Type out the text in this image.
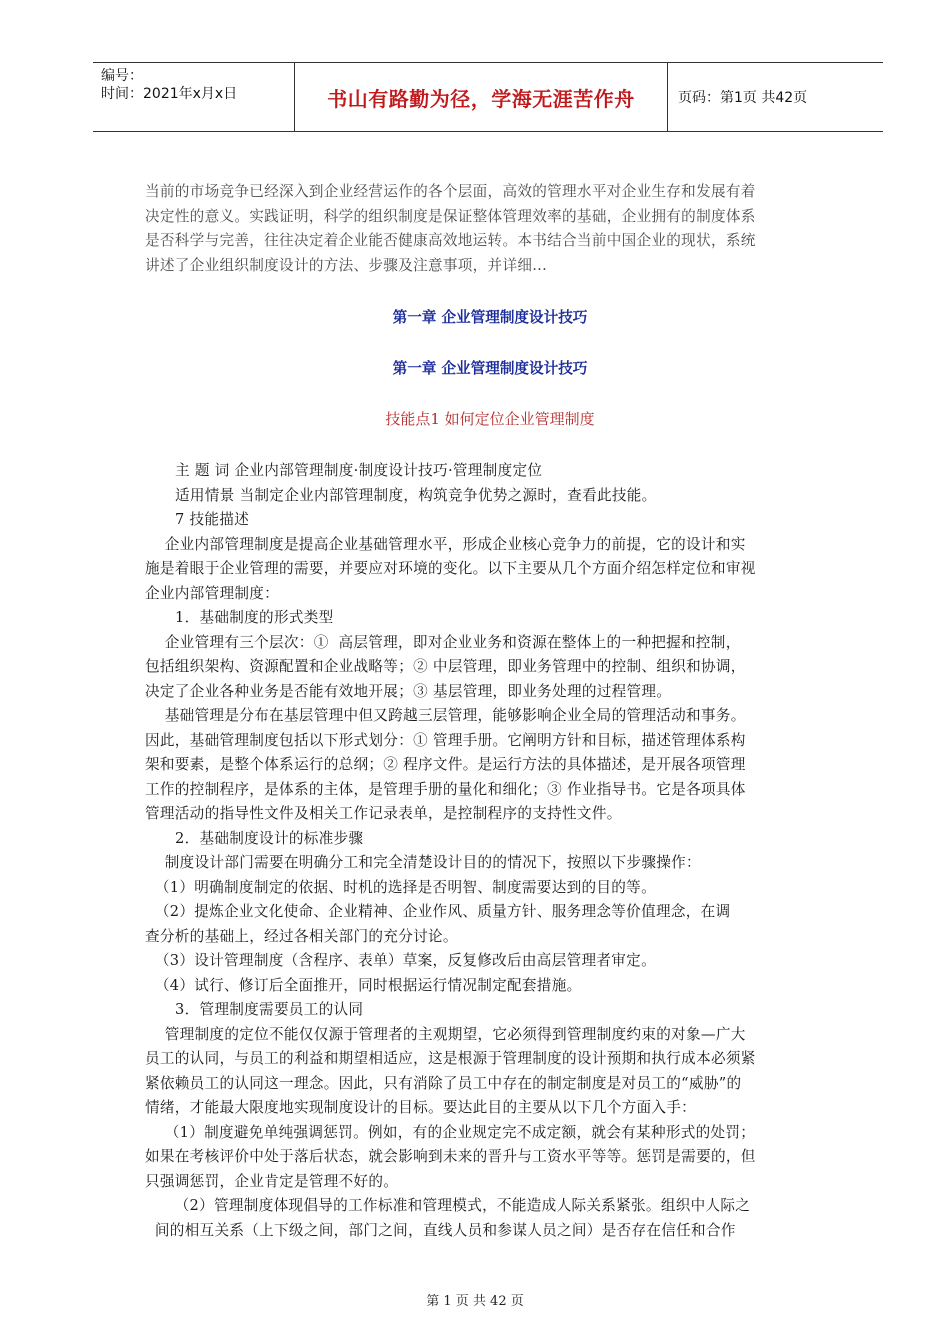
编号：
时间：2021年x月x日	书山有路勤为径，学海无涯苦作舟	页码：第1页 共42页

当前的市场竞争已经深入到企业经营运作的各个层面，高效的管理水平对企业生存和发展有着

决定性的意义。实践证明，科学的组织制度是保证整体管理效率的基础，企业拥有的制度体系

是否科学与完善，往往决定着企业能否健康高效地运转。本书结合当前中国企业的现状，系统

讲述了企业组织制度设计的方法、步骤及注意事项，并详细...

第一章 企业管理制度设计技巧

第一章 企业管理制度设计技巧

技能点1 如何定位企业管理制度

主 题 词 企业内部管理制度·制度设计技巧·管理制度定位

适用情景 当制定企业内部管理制度，构筑竞争优势之源时，查看此技能。

7 技能描述

企业内部管理制度是提高企业基础管理水平，形成企业核心竞争力的前提，它的设计和实

施是着眼于企业管理的需要，并要应对环境的变化。以下主要从几个方面介绍怎样定位和审视

企业内部管理制度：

1．基础制度的形式类型

企业管理有三个层次：①  高层管理，即对企业业务和资源在整体上的一种把握和控制，

包括组织架构、资源配置和企业战略等；② 中层管理，即业务管理中的控制、组织和协调，

决定了企业各种业务是否能有效地开展；③ 基层管理，即业务处理的过程管理。

基础管理是分布在基层管理中但又跨越三层管理，能够影响企业全局的管理活动和事务。

因此，基础管理制度包括以下形式划分：① 管理手册。它阐明方针和目标，描述管理体系构

架和要素，是整个体系运行的总纲；② 程序文件。是运行方法的具体描述，是开展各项管理

工作的控制程序，是体系的主体，是管理手册的量化和细化；③ 作业指导书。它是各项具体

管理活动的指导性文件及相关工作记录表单，是控制程序的支持性文件。

2．基础制度设计的标准步骤

制度设计部门需要在明确分工和完全清楚设计目的的情况下，按照以下步骤操作：

（1）明确制度制定的依据、时机的选择是否明智、制度需要达到的目的等。

（2）提炼企业文化使命、企业精神、企业作风、质量方针、服务理念等价值理念，在调

查分析的基础上，经过各相关部门的充分讨论。

（3）设计管理制度（含程序、表单）草案，反复修改后由高层管理者审定。

（4）试行、修订后全面推开，同时根据运行情况制定配套措施。

3．管理制度需要员工的认同

管理制度的定位不能仅仅源于管理者的主观期望，它必须得到管理制度约束的对象—广大

员工的认同，与员工的利益和期望相适应，这是根源于管理制度的设计预期和执行成本必须紧

紧依赖员工的认同这一理念。因此，只有消除了员工中存在的制定制度是对员工的“威胁”的

情绪，才能最大限度地实现制度设计的目标。要达此目的主要从以下几个方面入手：

（1）制度避免单纯强调惩罚。例如，有的企业规定完不成定额，就会有某种形式的处罚；

如果在考核评价中处于落后状态，就会影响到未来的晋升与工资水平等等。惩罚是需要的，但

只强调惩罚，企业肯定是管理不好的。

（2）管理制度体现倡导的工作标准和管理模式，不能造成人际关系紧张。组织中人际之

间的相互关系（上下级之间，部门之间，直线人员和参谋人员之间）是否存在信任和合作

第 1 页 共 42 页
